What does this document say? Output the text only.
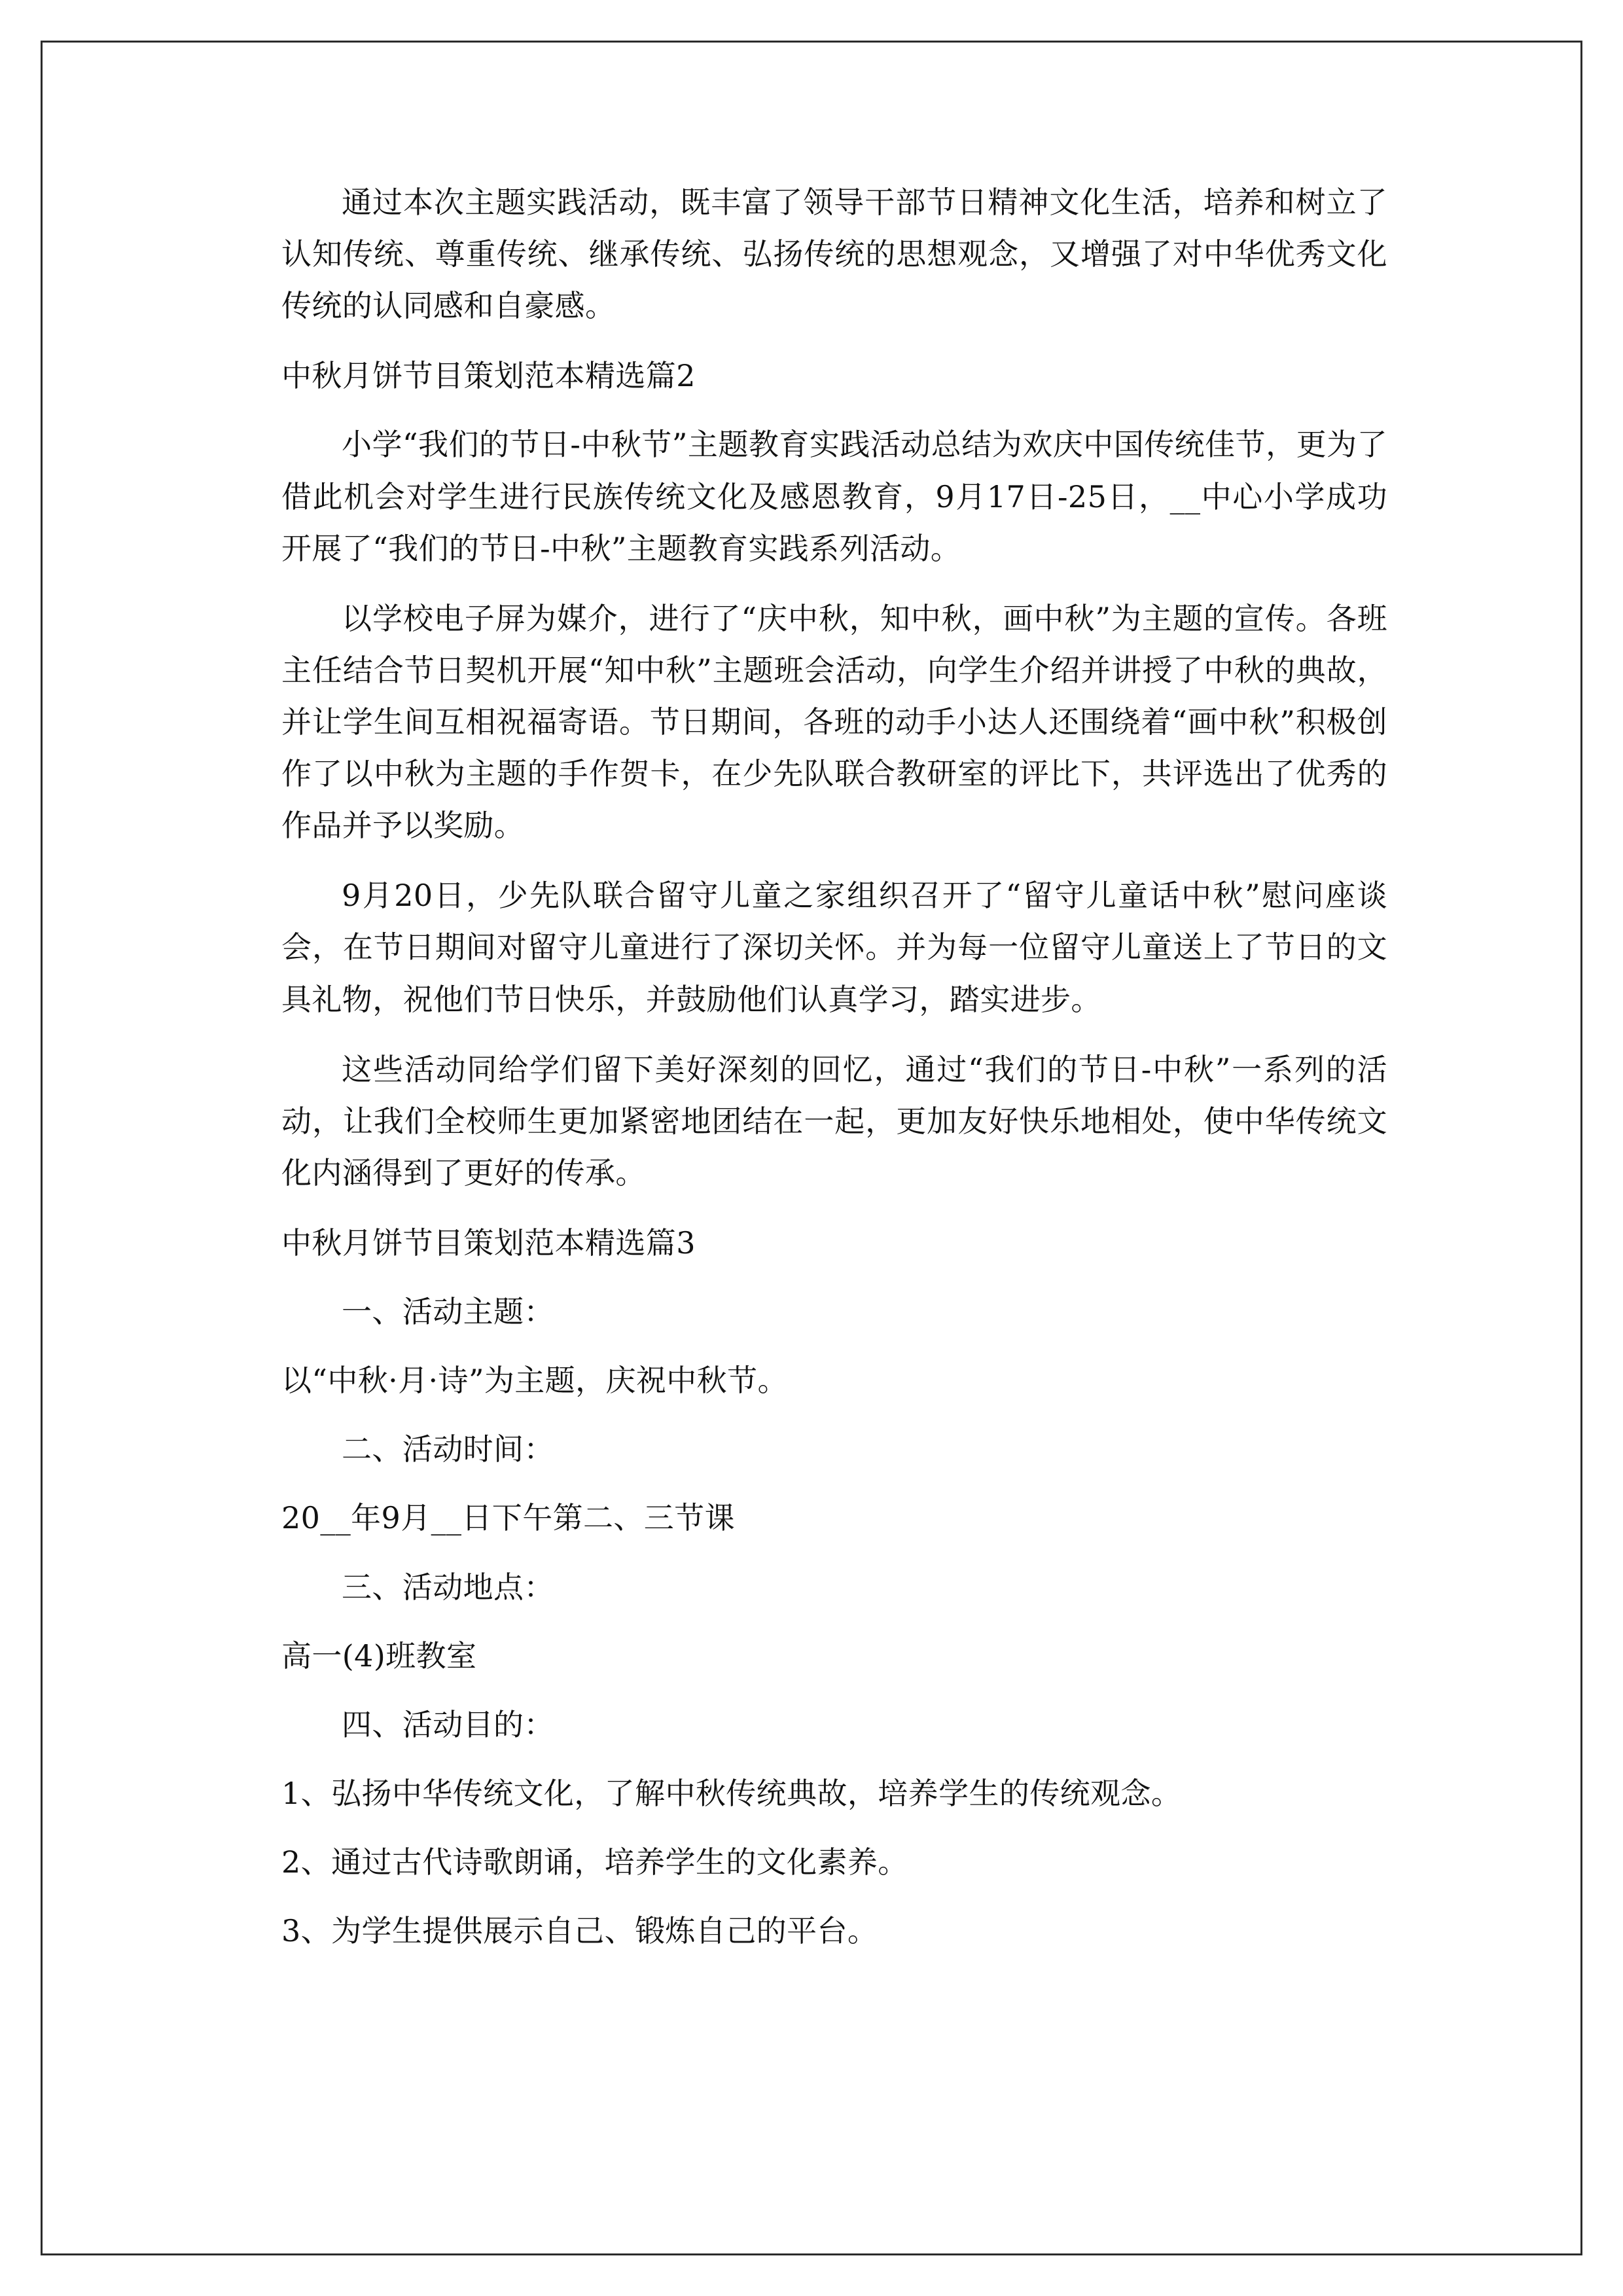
通过本次主题实践活动，既丰富了领导干部节日精神文化生活，培养和树立了认知传统、尊重传统、继承传统、弘扬传统的思想观念，又增强了对中华优秀文化传统的认同感和自豪感。

中秋月饼节目策划范本精选篇2

小学“我们的节日-中秋节”主题教育实践活动总结为欢庆中国传统佳节，更为了借此机会对学生进行民族传统文化及感恩教育，9月17日-25日，__中心小学成功开展了“我们的节日-中秋”主题教育实践系列活动。

以学校电子屏为媒介，进行了“庆中秋，知中秋，画中秋”为主题的宣传。各班主任结合节日契机开展“知中秋”主题班会活动，向学生介绍并讲授了中秋的典故，并让学生间互相祝福寄语。节日期间，各班的动手小达人还围绕着“画中秋”积极创作了以中秋为主题的手作贺卡，在少先队联合教研室的评比下，共评选出了优秀的作品并予以奖励。

9月20日，少先队联合留守儿童之家组织召开了“留守儿童话中秋”慰问座谈会，在节日期间对留守儿童进行了深切关怀。并为每一位留守儿童送上了节日的文具礼物，祝他们节日快乐，并鼓励他们认真学习，踏实进步。

这些活动同给学们留下美好深刻的回忆，通过“我们的节日-中秋”一系列的活动，让我们全校师生更加紧密地团结在一起，更加友好快乐地相处，使中华传统文化内涵得到了更好的传承。

中秋月饼节目策划范本精选篇3

一、活动主题：

以“中秋·月·诗”为主题，庆祝中秋节。

二、活动时间：

20__年9月__日下午第二、三节课

三、活动地点：

高一(4)班教室

四、活动目的：

1、弘扬中华传统文化，了解中秋传统典故，培养学生的传统观念。

2、通过古代诗歌朗诵，培养学生的文化素养。

3、为学生提供展示自己、锻炼自己的平台。
